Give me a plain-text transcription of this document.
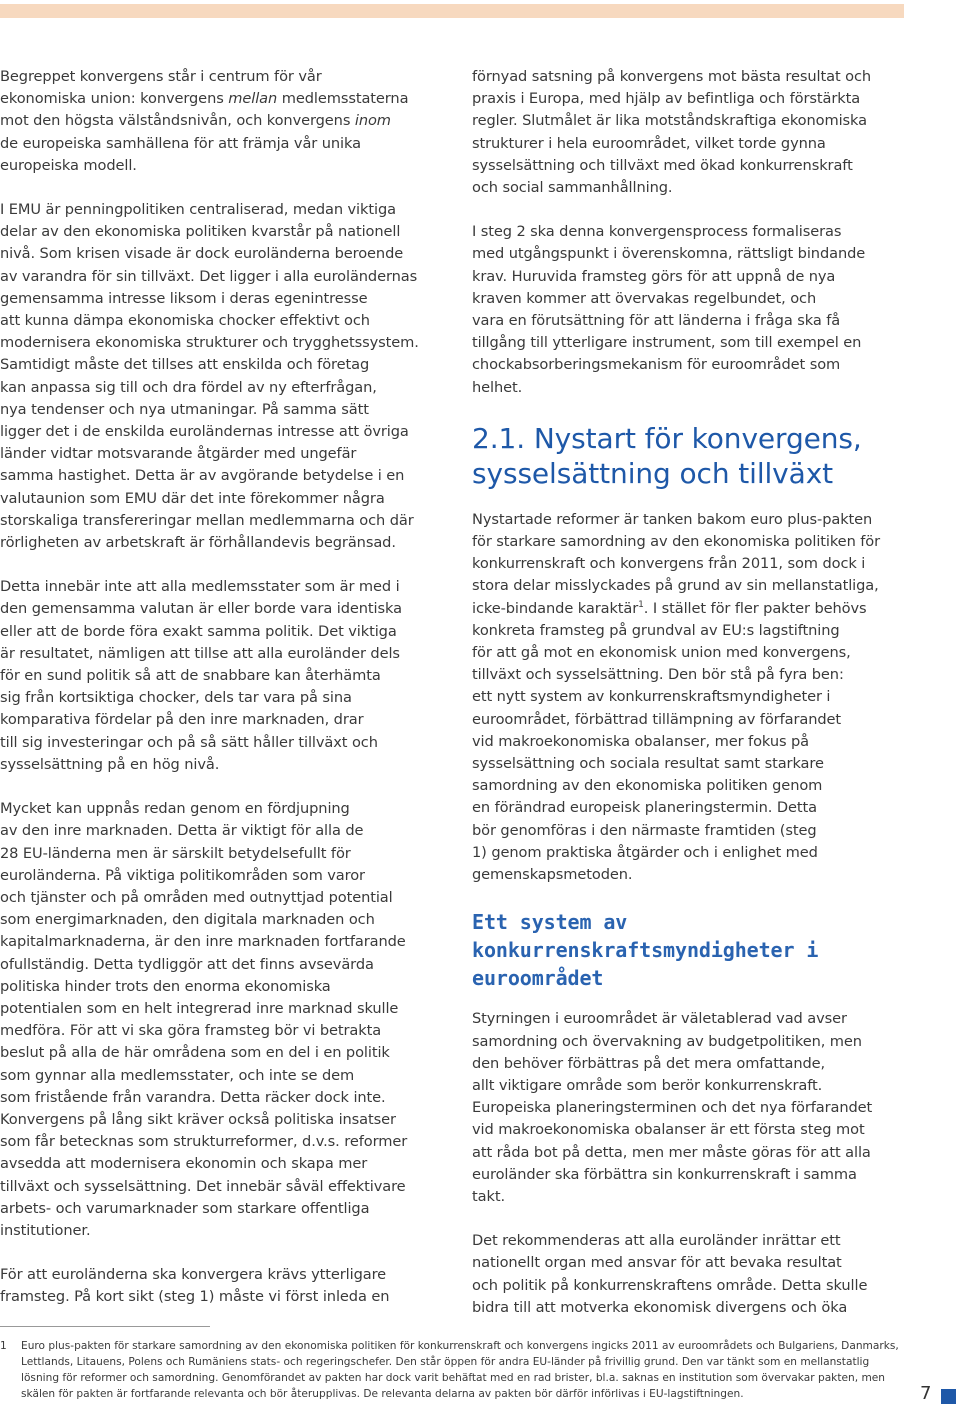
Begreppet konvergens står i centrum för vår
ekonomiska union: konvergens mellan medlemsstaterna
mot den högsta välståndsnivån, och konvergens inom
de europeiska samhällena för att främja vår unika
europeiska modell.

I EMU är penningpolitiken centraliserad, medan viktiga
delar av den ekonomiska politiken kvarstår på nationell
nivå. Som krisen visade är dock euroländerna beroende
av varandra för sin tillväxt. Det ligger i alla euroländernas
gemensamma intresse liksom i deras egenintresse
att kunna dämpa ekonomiska chocker effektivt och
modernisera ekonomiska strukturer och trygghetssystem.
Samtidigt måste det tillses att enskilda och företag
kan anpassa sig till och dra fördel av ny efterfrågan,
nya tendenser och nya utmaningar. På samma sätt
ligger det i de enskilda euroländernas intresse att övriga
länder vidtar motsvarande åtgärder med ungefär
samma hastighet. Detta är av avgörande betydelse i en
valutaunion som EMU där det inte förekommer några
storskaliga transfereringar mellan medlemmarna och där
rörligheten av arbetskraft är förhållandevis begränsad.

Detta innebär inte att alla medlemsstater som är med i
den gemensamma valutan är eller borde vara identiska
eller att de borde föra exakt samma politik. Det viktiga
är resultatet, nämligen att tillse att alla euroländer dels
för en sund politik så att de snabbare kan återhämta
sig från kortsiktiga chocker, dels tar vara på sina
komparativa fördelar på den inre marknaden, drar
till sig investeringar och på så sätt håller tillväxt och
sysselsättning på en hög nivå.

Mycket kan uppnås redan genom en fördjupning
av den inre marknaden. Detta är viktigt för alla de
28 EU-länderna men är särskilt betydelsefullt för
euroländerna. På viktiga politikområden som varor
och tjänster och på områden med outnyttjad potential
som energimarknaden, den digitala marknaden och
kapitalmarknaderna, är den inre marknaden fortfarande
ofullständig. Detta tydliggör att det finns avsevärda
politiska hinder trots den enorma ekonomiska
potentialen som en helt integrerad inre marknad skulle
medföra. För att vi ska göra framsteg bör vi betrakta
beslut på alla de här områdena som en del i en politik
som gynnar alla medlemsstater, och inte se dem
som fristående från varandra. Detta räcker dock inte.
Konvergens på lång sikt kräver också politiska insatser
som får betecknas som strukturreformer, d.v.s. reformer
avsedda att modernisera ekonomin och skapa mer
tillväxt och sysselsättning. Det innebär såväl effektivare
arbets- och varumarknader som starkare offentliga
institutioner.

För att euroländerna ska konvergera krävs ytterligare
framsteg. På kort sikt (steg 1) måste vi först inleda en

förnyad satsning på konvergens mot bästa resultat och
praxis i Europa, med hjälp av befintliga och förstärkta
regler. Slutmålet är lika motståndskraftiga ekonomiska
strukturer i hela euroområdet, vilket torde gynna
sysselsättning och tillväxt med ökad konkurrenskraft
och social sammanhållning.

I steg 2 ska denna konvergensprocess formaliseras
med utgångspunkt i överenskomna, rättsligt bindande
krav. Huruvida framsteg görs för att uppnå de nya
kraven kommer att övervakas regelbundet, och
vara en förutsättning för att länderna i fråga ska få
tillgång till ytterligare instrument, som till exempel en
chockabsorberingsmekanism för euroområdet som
helhet.

2.1. Nystart för konvergens,
sysselsättning och tillväxt

Nystartade reformer är tanken bakom euro plus-pakten
för starkare samordning av den ekonomiska politiken för
konkurrenskraft och konvergens från 2011, som dock i
stora delar misslyckades på grund av sin mellanstatliga,
icke-bindande karaktär$^1$. I stället för fler pakter behövs
konkreta framsteg på grundval av EU:s lagstiftning
för att gå mot en ekonomisk union med konvergens,
tillväxt och sysselsättning. Den bör stå på fyra ben:
ett nytt system av konkurrenskraftsmyndigheter i
euroområdet, förbättrad tillämpning av förfarandet
vid makroekonomiska obalanser, mer fokus på
sysselsättning och sociala resultat samt starkare
samordning av den ekonomiska politiken genom
en förändrad europeisk planeringstermin. Detta
bör genomföras i den närmaste framtiden (steg
1) genom praktiska åtgärder och i enlighet med
gemenskapsmetoden.

Ett system av
konkurrenskraftsmyndigheter i
euroområdet

Styrningen i euroområdet är väletablerad vad avser
samordning och övervakning av budgetpolitiken, men
den behöver förbättras på det mera omfattande,
allt viktigare område som berör konkurrenskraft.
Europeiska planeringsterminen och det nya förfarandet
vid makroekonomiska obalanser är ett första steg mot
att råda bot på detta, men mer måste göras för att alla
euroländer ska förbättra sin konkurrenskraft i samma
takt.

Det rekommenderas att alla euroländer inrättar ett
nationellt organ med ansvar för att bevaka resultat
och politik på konkurrenskraftens område. Detta skulle
bidra till att motverka ekonomisk divergens och öka

1 Euro plus-pakten för starkare samordning av den ekonomiska politiken för konkurrenskraft och konvergens ingicks 2011 av euroområdets och Bulgariens, Danmarks, Lettlands, Litauens, Polens och Rumäniens stats- och regeringschefer. Den står öppen för andra EU-länder på frivillig grund. Den var tänkt som en mellanstatlig lösning för reformer och samordning. Genomförandet av pakten har dock varit behäftat med en rad brister, bl.a. saknas en institution som övervakar pakten, men skälen för pakten är fortfarande relevanta och bör återupplivas. De relevanta delarna av pakten bör därför införlivas i EU-lagstiftningen.	7
